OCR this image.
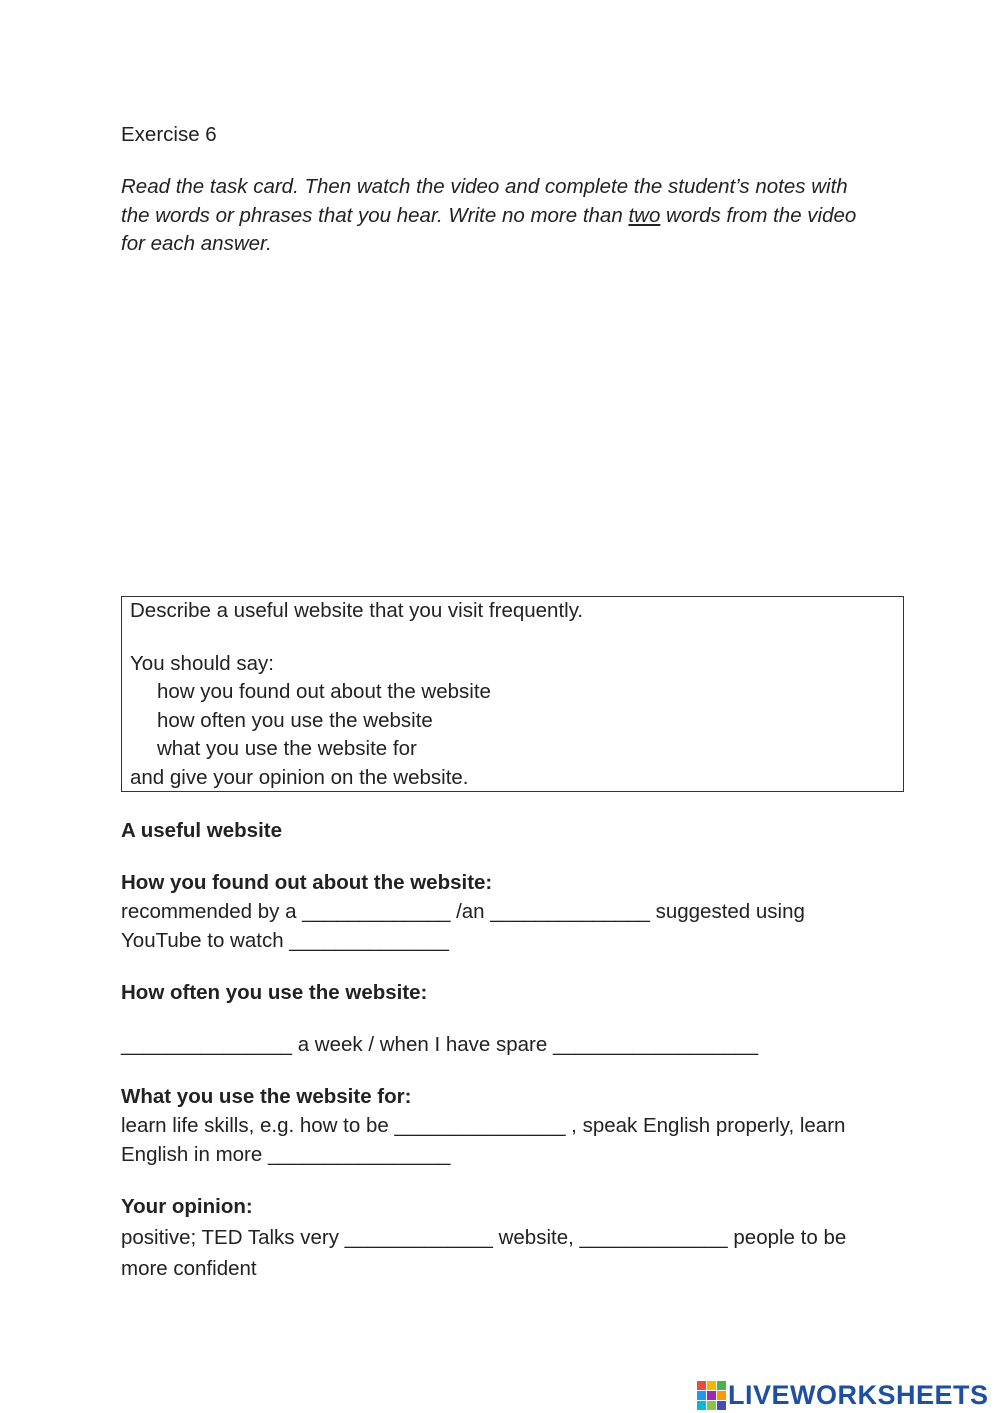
Exercise 6
Read the task card. Then watch the video and complete the student’s notes with the words or phrases that you hear. Write no more than two words from the video for each answer.
Describe a useful website that you visit frequently.
You should say:
how you found out about the website
how often you use the website
what you use the website for
and give your opinion on the website.
A useful website
How you found out about the website:
recommended by a _____________ /an ______________ suggested using
YouTube to watch ______________
How often you use the website:
_______________ a week / when I have spare __________________
What you use the website for:
learn life skills, e.g. how to be _______________ , speak English properly, learn
English in more ________________
Your opinion:
positive; TED Talks very _____________ website, _____________ people to be
more confident
LIVEWORKSHEETS
